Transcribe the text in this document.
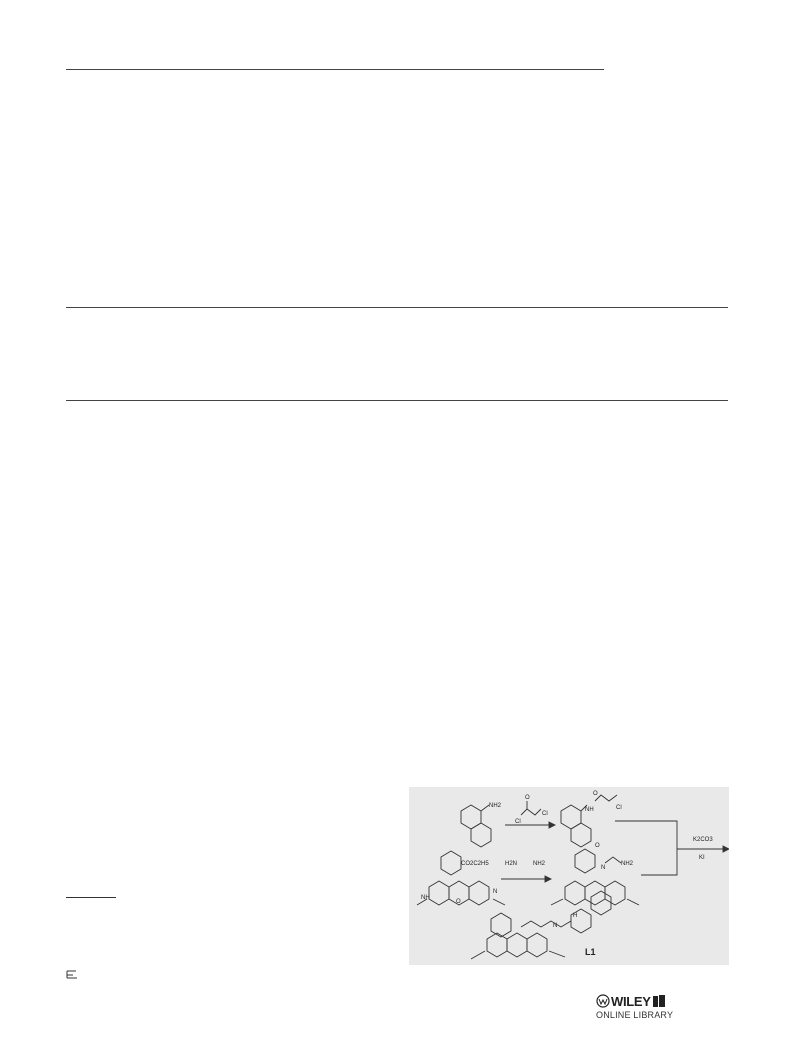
NH2
Cl
Cl
O
NH	Cl
O
CO2C2H5	H2N	NH2
K2CO3
KI
NH
N
O
N
O
NH2
N
H
L1
WILEY
ONLINE LIBRARY
